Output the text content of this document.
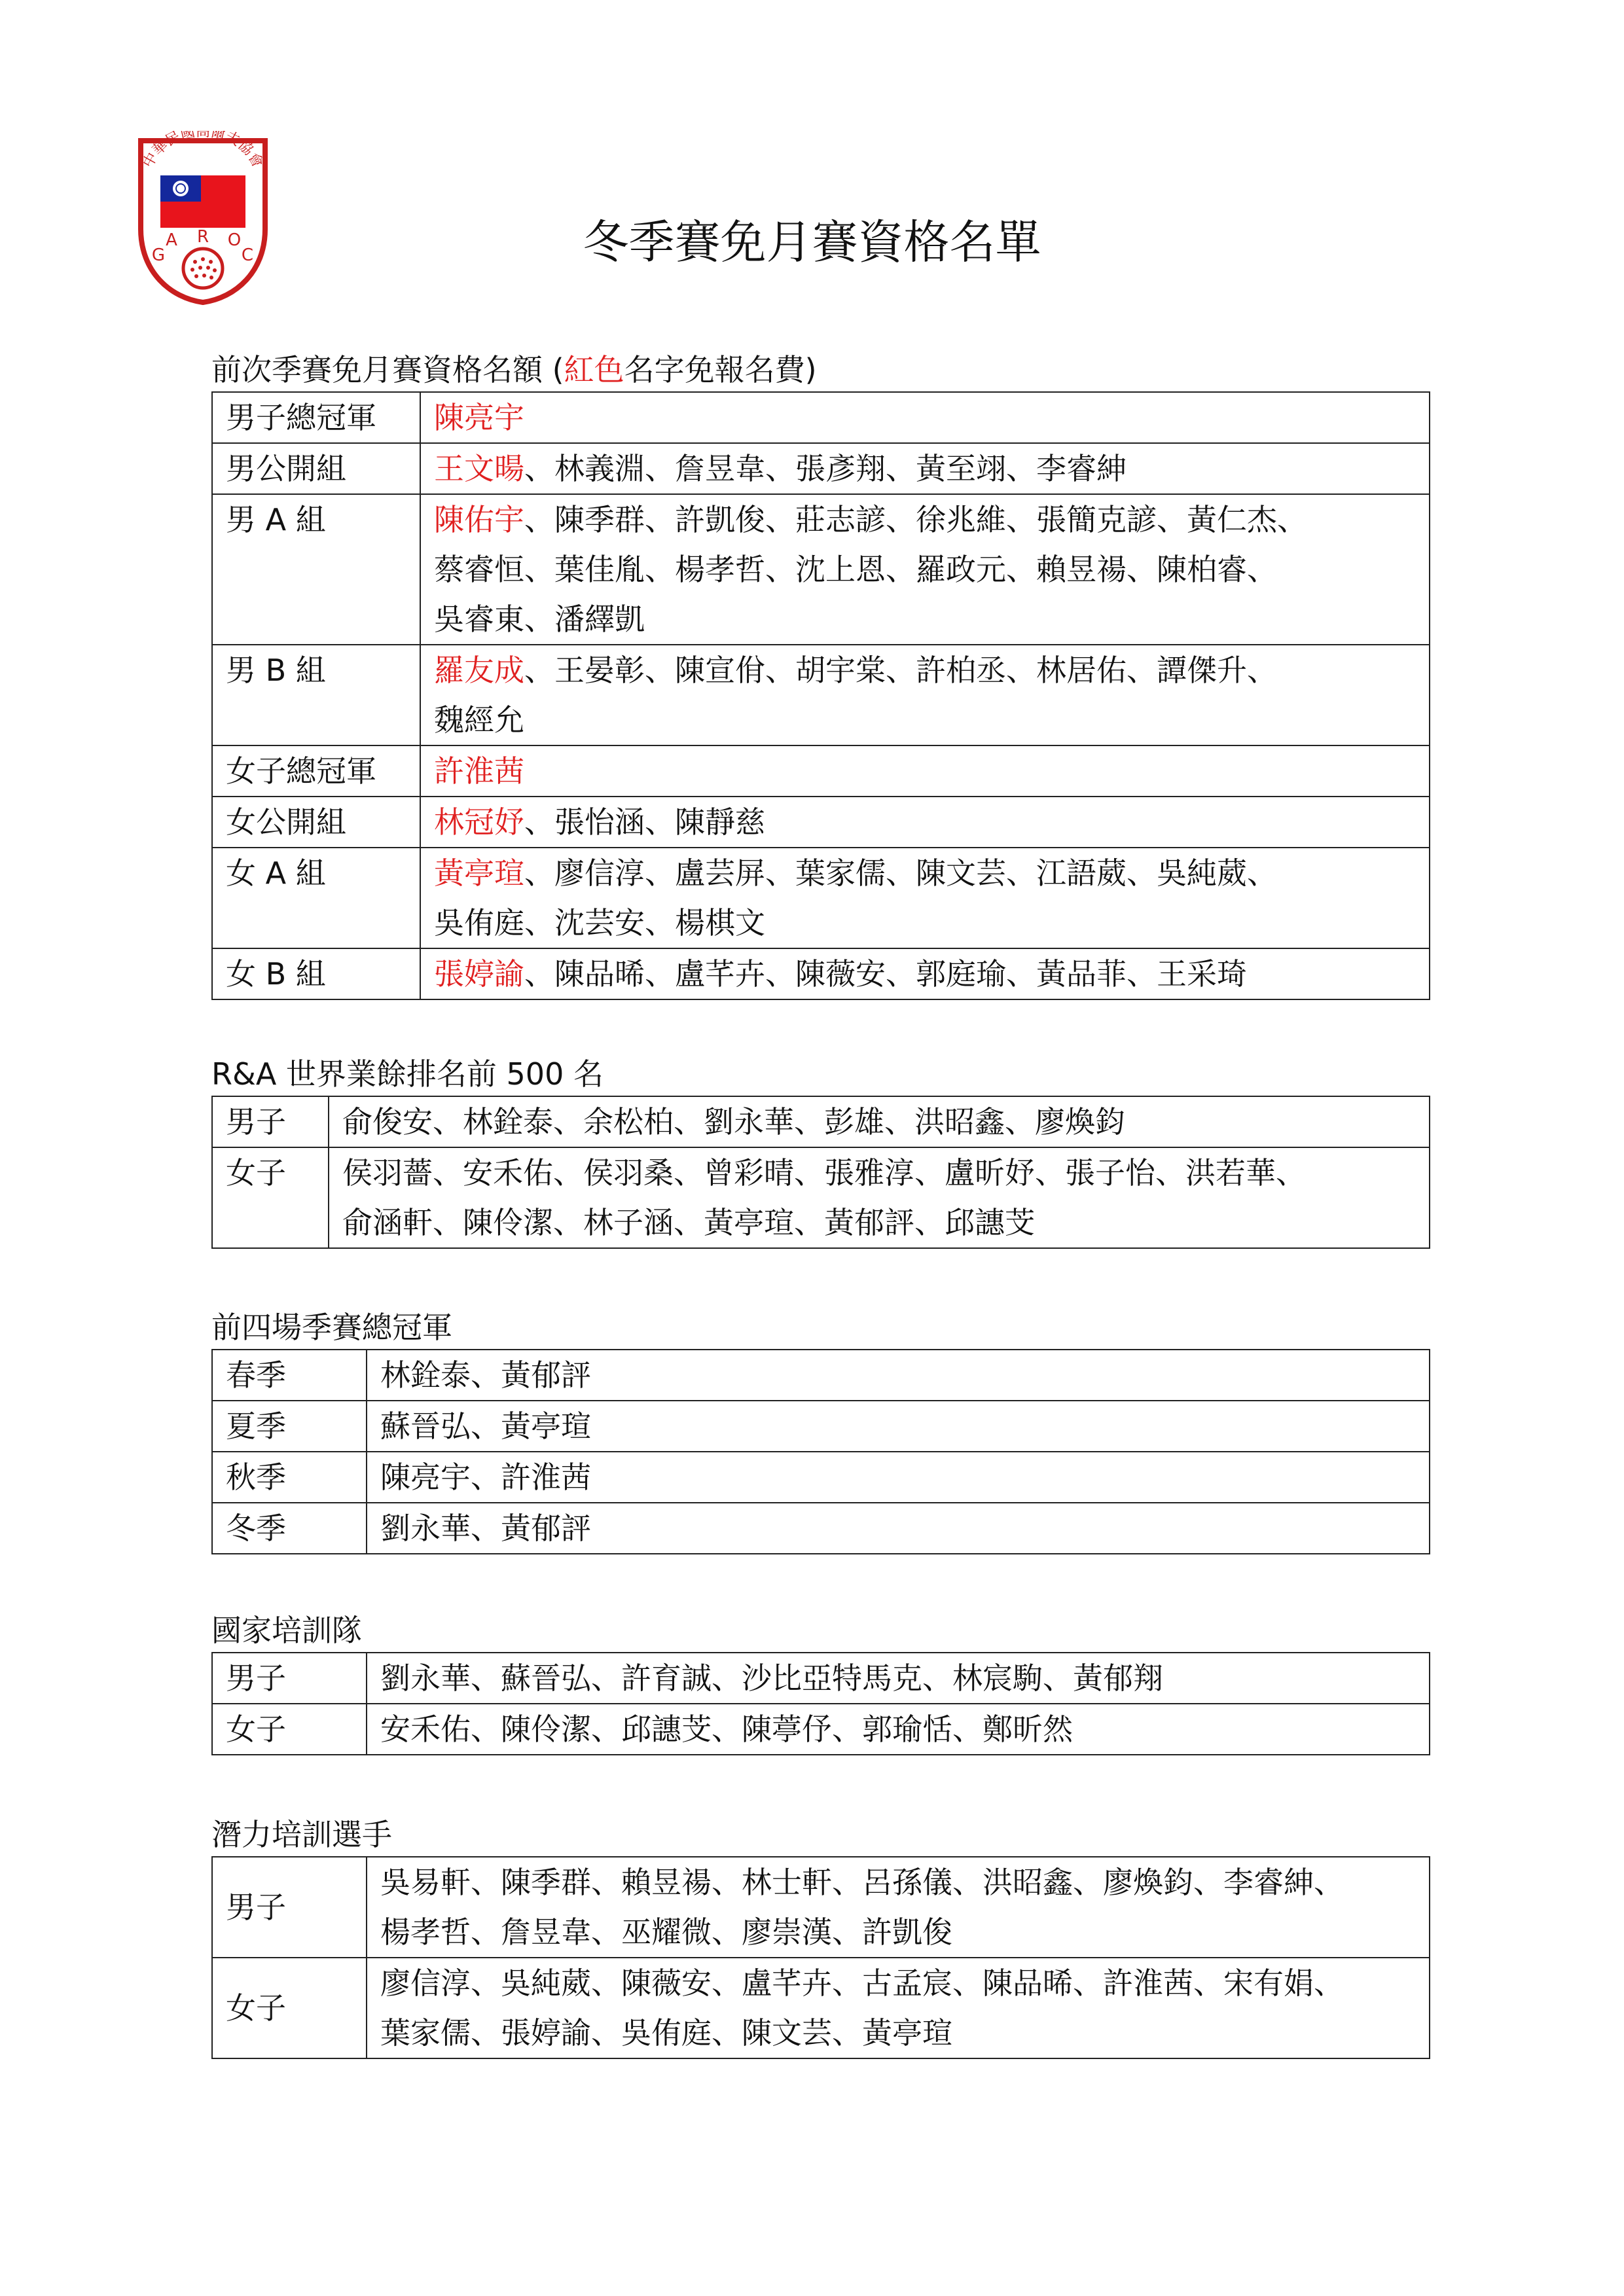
中華民國高爾夫協會
G
A R O
C	冬季賽免月賽資格名單
前次季賽免月賽資格名額 (紅色名字免報名費)
男子總冠軍	陳亮宇
男公開組	王文暘、林義淵、詹昱韋、張彥翔、黃至翊、李睿紳
男 A 組	陳佑宇、陳季群、許凱俊、莊志諺、徐兆維、張簡克諺、黃仁杰、
蔡睿恒、葉佳胤、楊孝哲、沈上恩、羅政元、賴昱禓、陳柏睿、
吳睿東、潘繹凱

男 B 組	羅友成、王晏彰、陳宣佾、胡宇棠、許柏丞、林居佑、譚傑升、
魏經允

女子總冠軍	許淮茜
女公開組	林冠妤、張怡涵、陳靜慈
女 A 組	黃亭瑄、廖信淳、盧芸屏、葉家儒、陳文芸、江語葳、吳純葳、
吳侑庭、沈芸安、楊棋文

女 B 組	張婷諭、陳品晞、盧芊卉、陳薇安、郭庭瑜、黃品菲、王采琦
R&A 世界業餘排名前 500 名
男子	俞俊安、林銓泰、余松柏、劉永華、彭雄、洪昭鑫、廖煥鈞

女子	侯羽薔、安禾佑、侯羽桑、曾彩晴、張雅淳、盧昕妤、張子怡、洪若華、
俞涵軒、陳伶潔、林子涵、黃亭瑄、黃郁評、邱譓芠
前四場季賽總冠軍
春季	林銓泰、黃郁評
夏季	蘇晉弘、黃亭瑄
秋季	陳亮宇、許淮茜
冬季	劉永華、黃郁評
國家培訓隊
男子	劉永華、蘇晉弘、許育誠、沙比亞特馬克、林宸駒、黃郁翔
女子	安禾佑、陳伶潔、邱譓芠、陳葶伃、郭瑜恬、鄭昕然
潛力培訓選手
男子	吳易軒、陳季群、賴昱禓、林士軒、呂孫儀、洪昭鑫、廖煥鈞、李睿紳、
楊孝哲、詹昱韋、巫耀微、廖崇漢、許凱俊

女子	廖信淳、吳純葳、陳薇安、盧芊卉、古孟宸、陳品晞、許淮茜、宋有娟、
葉家儒、張婷諭、吳侑庭、陳文芸、黃亭瑄
